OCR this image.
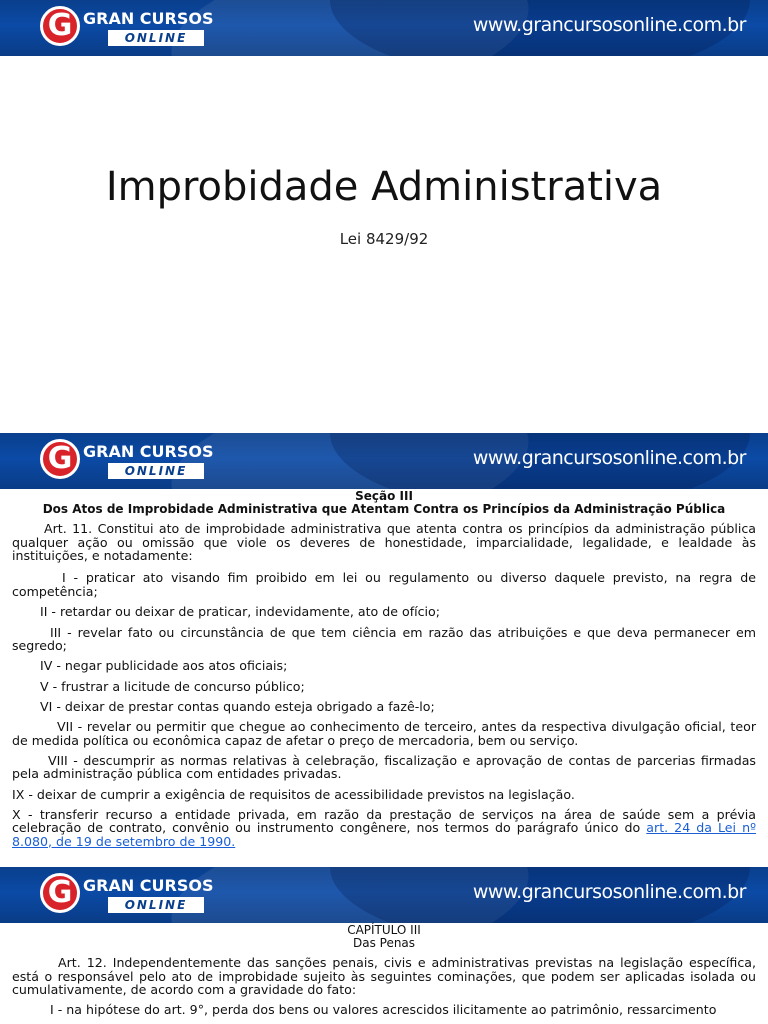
G GRAN CURSOS
ONLINE
www.grancursosonline.com.br
Improbidade Administrativa
Lei 8429/92
G GRAN CURSOS
ONLINE
www.grancursosonline.com.br

Seção III

Dos Atos de Improbidade Administrativa que Atentam Contra os Princípios da Administração Pública

Art. 11. Constitui ato de improbidade administrativa que atenta contra os princípios da administração pública qualquer ação ou omissão que viole os deveres de honestidade, imparcialidade, legalidade, e lealdade às instituições, e notadamente:

I - praticar ato visando fim proibido em lei ou regulamento ou diverso daquele previsto, na regra de competência;

II - retardar ou deixar de praticar, indevidamente, ato de ofício;

III - revelar fato ou circunstância de que tem ciência em razão das atribuições e que deva permanecer em segredo;

IV - negar publicidade aos atos oficiais;

V - frustrar a licitude de concurso público;

VI - deixar de prestar contas quando esteja obrigado a fazê-lo;

VII - revelar ou permitir que chegue ao conhecimento de terceiro, antes da respectiva divulgação oficial, teor de medida política ou econômica capaz de afetar o preço de mercadoria, bem ou serviço.

VIII - descumprir as normas relativas à celebração, fiscalização e aprovação de contas de parcerias firmadas pela administração pública com entidades privadas.

IX - deixar de cumprir a exigência de requisitos de acessibilidade previstos na legislação.

X - transferir recurso a entidade privada, em razão da prestação de serviços na área de saúde sem a prévia celebração de contrato, convênio ou instrumento congênere, nos termos do parágrafo único do art. 24 da Lei nº 8.080, de 19 de setembro de 1990.

G GRAN CURSOS
ONLINE
www.grancursosonline.com.br

CAPÍTULO III

Das Penas

Art. 12. Independentemente das sanções penais, civis e administrativas previstas na legislação específica, está o responsável pelo ato de improbidade sujeito às seguintes cominações, que podem ser aplicadas isolada ou cumulativamente, de acordo com a gravidade do fato:

I - na hipótese do art. 9°, perda dos bens ou valores acrescidos ilicitamente ao patrimônio, ressarcimento
